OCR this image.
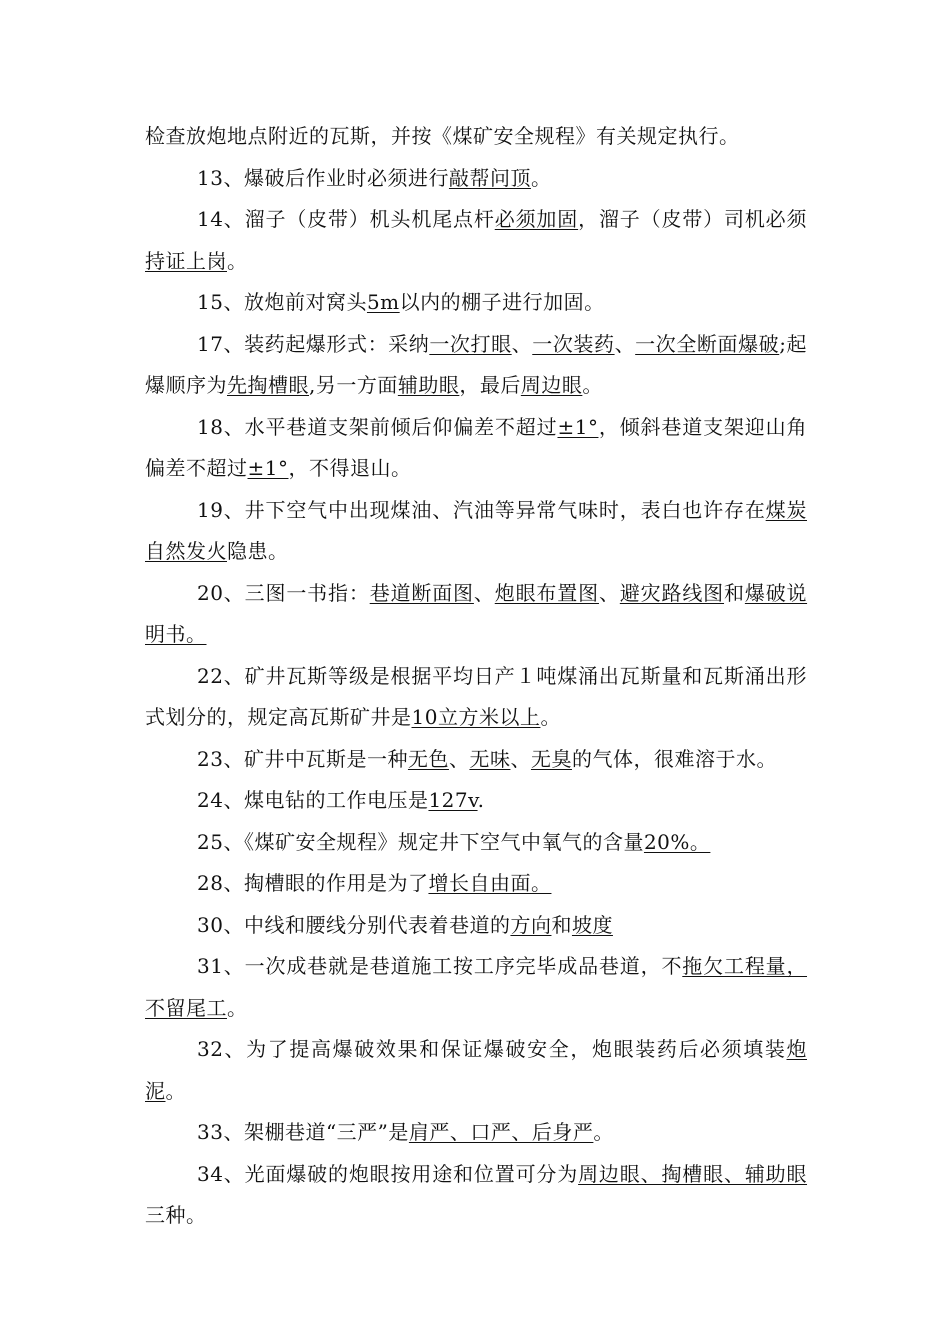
检查放炮地点附近的瓦斯，并按《煤矿安全规程》有关规定执行。

13、爆破后作业时必须进行敲帮问顶。

14、溜子（皮带）机头机尾点杆必须加固，溜子（皮带）司机必须持证上岗。

15、放炮前对窝头5m以内的棚子进行加固。

17、装药起爆形式：采纳一次打眼、一次装药、一次全断面爆破;起爆顺序为先掏槽眼,另一方面辅助眼，最后周边眼。

18、水平巷道支架前倾后仰偏差不超过±1°，倾斜巷道支架迎山角偏差不超过±1°，不得退山。

19、井下空气中出现煤油、汽油等异常气味时，表白也许存在煤炭自然发火隐患。

20、三图一书指：巷道断面图、炮眼布置图、避灾路线图和爆破说明书。

22、矿井瓦斯等级是根据平均日产１吨煤涌出瓦斯量和瓦斯涌出形式划分的，规定高瓦斯矿井是10立方米以上。

23、矿井中瓦斯是一种无色、无味、无臭的气体，很难溶于水。

24、煤电钻的工作电压是127v.

25、《煤矿安全规程》规定井下空气中氧气的含量20%。

28、掏槽眼的作用是为了增长自由面。

30、中线和腰线分别代表着巷道的方向和坡度

31、一次成巷就是巷道施工按工序完毕成品巷道，不拖欠工程量，不留尾工。

32、为了提高爆破效果和保证爆破安全，炮眼装药后必须填装炮泥。

33、架棚巷道“三严”是肩严、口严、后身严。

34、光面爆破的炮眼按用途和位置可分为周边眼、掏槽眼、辅助眼三种。
